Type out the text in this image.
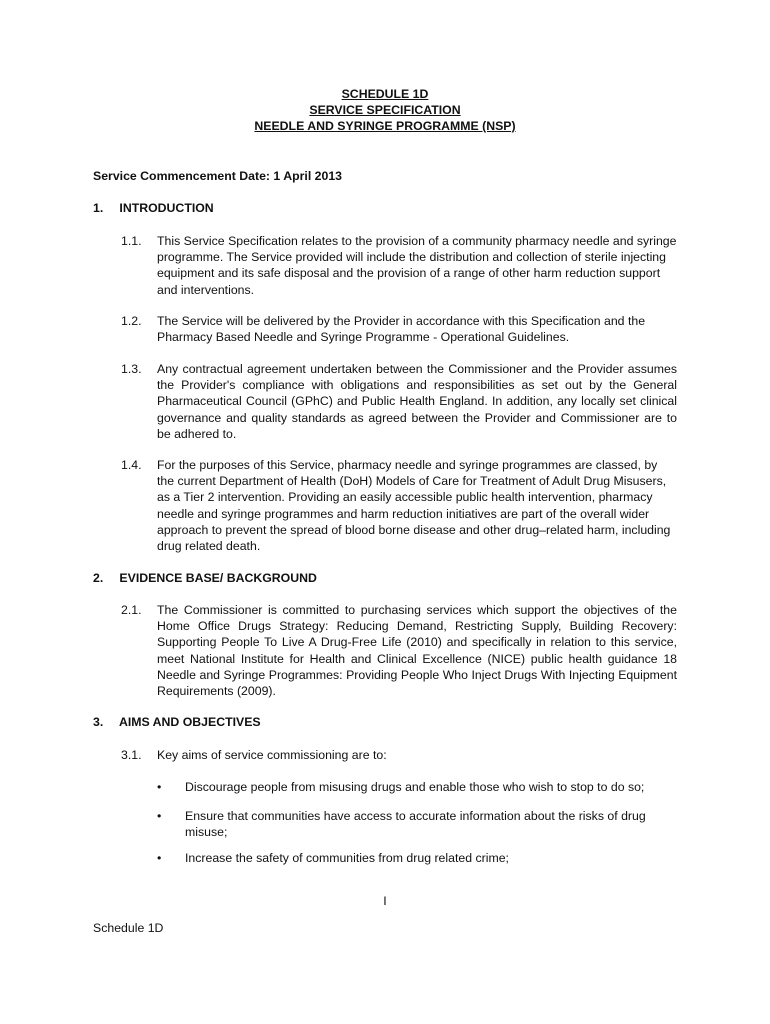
SCHEDULE 1D
SERVICE SPECIFICATION
NEEDLE AND SYRINGE PROGRAMME (NSP)
Service Commencement Date: 1 April 2013
1. INTRODUCTION
1.1. This Service Specification relates to the provision of a community pharmacy needle and syringe programme. The Service provided will include the distribution and collection of sterile injecting equipment and its safe disposal and the provision of a range of other harm reduction support and interventions.
1.2. The Service will be delivered by the Provider in accordance with this Specification and the Pharmacy Based Needle and Syringe Programme - Operational Guidelines.
1.3. Any contractual agreement undertaken between the Commissioner and the Provider assumes the Provider's compliance with obligations and responsibilities as set out by the General Pharmaceutical Council (GPhC) and Public Health England. In addition, any locally set clinical governance and quality standards as agreed between the Provider and Commissioner are to be adhered to.
1.4. For the purposes of this Service, pharmacy needle and syringe programmes are classed, by the current Department of Health (DoH) Models of Care for Treatment of Adult Drug Misusers, as a Tier 2 intervention. Providing an easily accessible public health intervention, pharmacy needle and syringe programmes and harm reduction initiatives are part of the overall wider approach to prevent the spread of blood borne disease and other drug–related harm, including drug related death.
2. EVIDENCE BASE/ BACKGROUND
2.1. The Commissioner is committed to purchasing services which support the objectives of the Home Office Drugs Strategy: Reducing Demand, Restricting Supply, Building Recovery: Supporting People To Live A Drug-Free Life (2010) and specifically in relation to this service, meet National Institute for Health and Clinical Excellence (NICE) public health guidance 18 Needle and Syringe Programmes: Providing People Who Inject Drugs With Injecting Equipment Requirements (2009).
3. AIMS AND OBJECTIVES
3.1. Key aims of service commissioning are to:
• Discourage people from misusing drugs and enable those who wish to stop to do so;
• Ensure that communities have access to accurate information about the risks of drug misuse;
• Increase the safety of communities from drug related crime;
I
Schedule 1D
